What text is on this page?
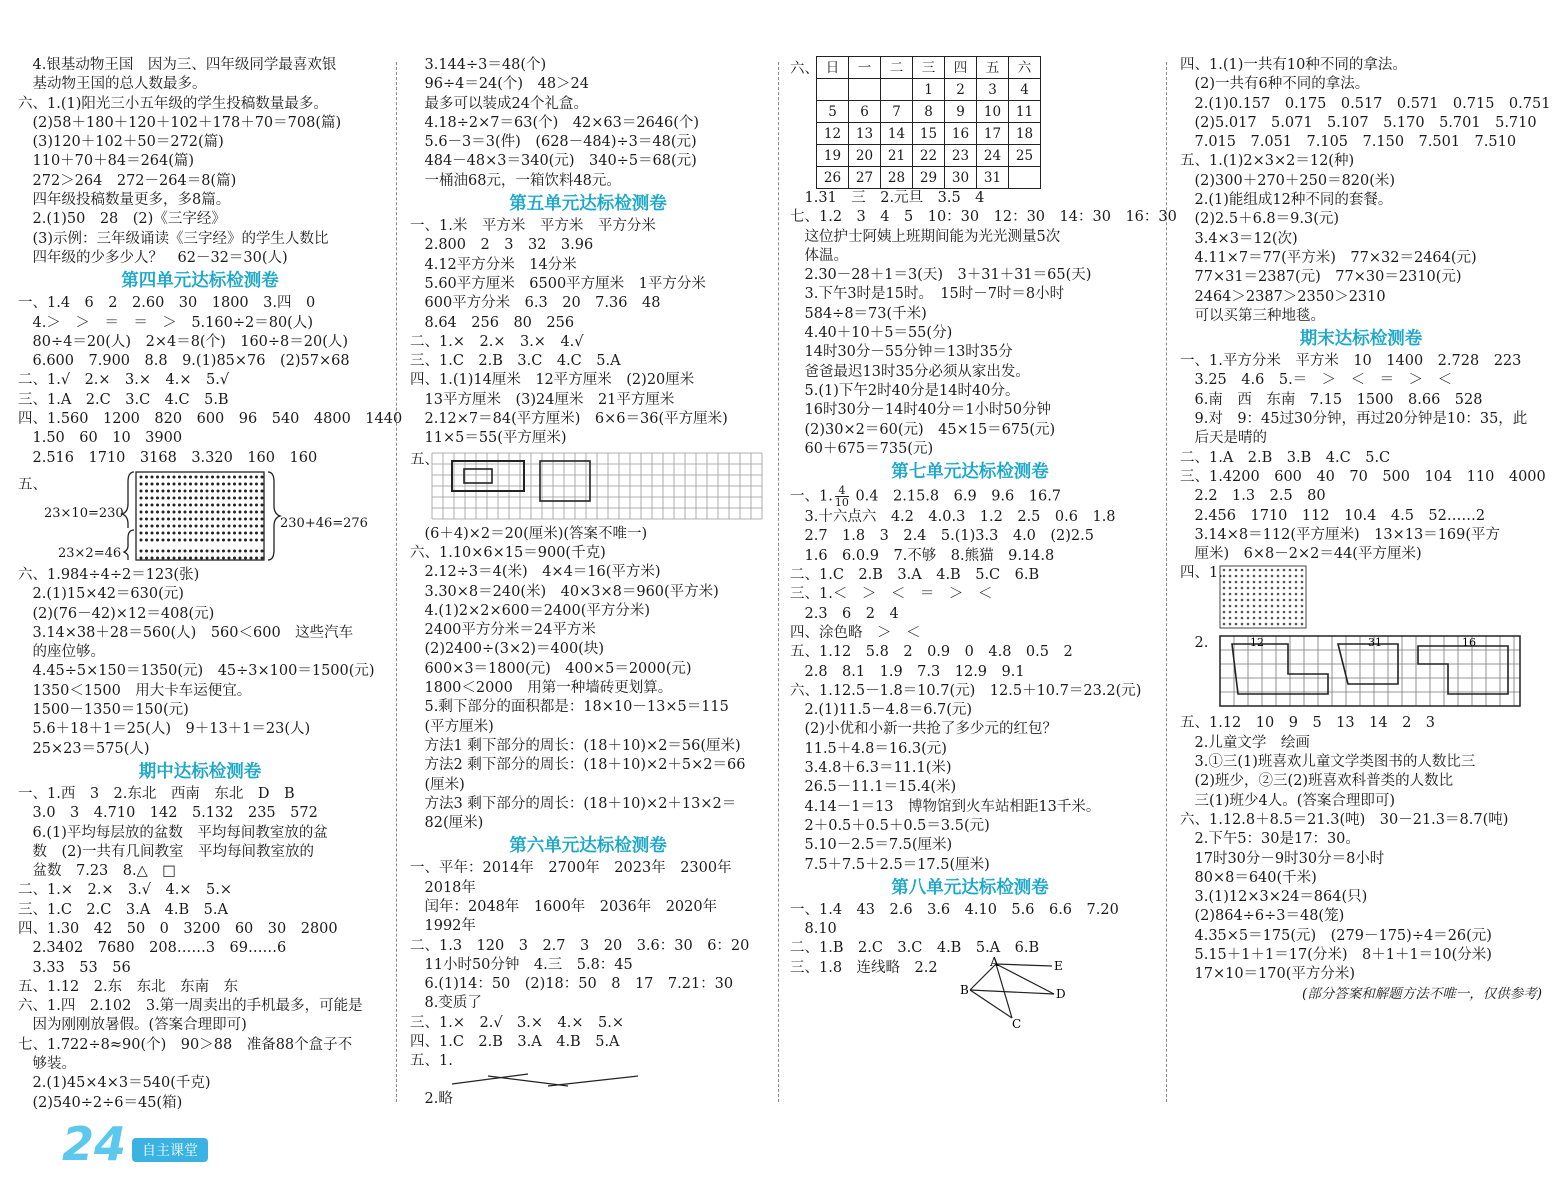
　4.银基动物王国　因为三、四年级同学最喜欢银
　基动物王国的总人数最多。
六、1.(1)阳光三小五年级的学生投稿数量最多。
　(2)58＋180＋120＋102＋178＋70＝708(篇)
　(3)120＋102＋50＝272(篇)
　110＋70＋84＝264(篇)
　272＞264　272－264＝8(篇)
　四年级投稿数量更多，多8篇。
　2.(1)50　28　(2)《三字经》
　(3)示例：三年级诵读《三字经》的学生人数比
　四年级的少多少人？　62－32＝30(人)
第四单元达标检测卷
一、1.4　6　2　2.60　30　1800　3.四　0
　4.＞　＞　＝　＝　＞　5.160÷2＝80(人)
　80÷4＝20(人)　2×4＝8(个)　160÷8＝20(人)
　6.600　7.900　8.8　9.(1)85×76　(2)57×68
二、1.√　2.×　3.×　4.×　5.√
三、1.A　2.C　3.C　4.C　5.B
四、1.560　1200　820　600　96　540　4800　1440
　1.50　60　10　3900
　2.516　1710　3168　3.320　160　160
五、
23×10=230
23×2=46
230+46=276
六、1.984÷4÷2＝123(张)
　2.(1)15×42＝630(元)
　(2)(76－42)×12＝408(元)
　3.14×38＋28＝560(人)　560＜600　这些汽车
　的座位够。
　4.45÷5×150＝1350(元)　45÷3×100＝1500(元)
　1350＜1500　用大卡车运便宜。
　1500－1350＝150(元)
　5.6＋18＋1＝25(人)　9＋13＋1＝23(人)
　25×23＝575(人)
期中达标检测卷
一、1.西　3　2.东北　西南　东北　D　B
　3.0　3　4.710　142　5.132　235　572
　6.(1)平均每层放的盆数　平均每间教室放的盆
　数　(2)一共有几间教室　平均每间教室放的
　盆数　7.23　8.△　□
二、1.×　2.×　3.√　4.×　5.×
三、1.C　2.C　3.A　4.B　5.A
四、1.30　42　50　0　3200　60　30　2800
　2.3402　7680　208……3　69……6
　3.33　53　56
五、1.12　2.东　东北　东南　东
六、1.四　2.102　3.第一周卖出的手机最多，可能是
　因为刚刚放暑假。(答案合理即可)
七、1.722÷8≈90(个)　90＞88　准备88个盒子不
　够装。
　2.(1)45×4×3＝540(千克)
　(2)540÷2÷6＝45(箱)
　3.144÷3＝48(个)
　96÷4＝24(个)　48＞24
　最多可以装成24个礼盒。
　4.18÷2×7＝63(个)　42×63＝2646(个)
　5.6－3＝3(件)　(628－484)÷3＝48(元)
　484－48×3＝340(元)　340÷5＝68(元)
　一桶油68元，一箱饮料48元。
第五单元达标检测卷
一、1.米　平方米　平方米　平方分米
　2.800　2　3　32　3.96
　4.12平方分米　14分米
　5.60平方厘米　6500平方厘米　1平方分米
　600平方分米　6.3　20　7.36　48
　8.64　256　80　256
二、1.×　2.×　3.×　4.√
三、1.C　2.B　3.C　4.C　5.A
四、1.(1)14厘米　12平方厘米　(2)20厘米
　13平方厘米　(3)24厘米　21平方厘米
　2.12×7＝84(平方厘米)　6×6＝36(平方厘米)
　11×5＝55(平方厘米)
五、
　(6＋4)×2＝20(厘米)(答案不唯一)
六、1.10×6×15＝900(千克)
　2.12÷3＝4(米)　4×4＝16(平方米)
　3.30×8＝240(米)　40×3×8＝960(平方米)
　4.(1)2×2×600＝2400(平方分米)
　2400平方分米＝24平方米
　(2)2400÷(3×2)＝400(块)
　600×3＝1800(元)　400×5＝2000(元)
　1800＜2000　用第一种墙砖更划算。
　5.剩下部分的面积都是：18×10－13×5＝115
　(平方厘米)
　方法1 剩下部分的周长：(18＋10)×2＝56(厘米)
　方法2 剩下部分的周长：(18＋10)×2＋5×2＝66
　(厘米)
　方法3 剩下部分的周长：(18＋10)×2＋13×2＝
　82(厘米)
第六单元达标检测卷
一、平年：2014年　2700年　2023年　2300年
　2018年
　闰年：2048年　1600年　2036年　2020年
　1992年
二、1.3　120　3　2.7　3　20　3.6：30　6：20
　11小时50分钟　4.三　5.8：45
　6.(1)14：50　(2)18：50　8　17　7.21：30
　8.变质了
三、1.×　2.√　3.×　4.×　5.×
四、1.C　2.B　3.A　4.B　5.A
五、1.
　2.略
六、 日	一	二	三	四	五	六
			1	2	3	4
5	6	7	8	9	10	11
12	13	14	15	16	17	18
19	20	21	22	23	24	25
26	27	28	29	30	31	
　1.31　三　2.元旦　3.5　4
七、1.2　3　4　5　10：30　12：30　14：30　16：30
　这位护士阿姨上班期间能为光光测量5次
　体温。
　2.30－28＋1＝3(天)　3＋31＋31＝65(天)
　3.下午3时是15时。　15时－7时＝8小时
　584÷8＝73(千米)
　4.40＋10＋5＝55(分)
　14时30分－55分钟＝13时35分
　爸爸最迟13时35分必须从家出发。
　5.(1)下午2时40分是14时40分。
　16时30分－14时40分＝1小时50分钟
　(2)30×2＝60(元)　45×15＝675(元)
　60＋675＝735(元)
第七单元达标检测卷
一、1. $\frac{4}{10} 0.4$　2.15.8　6.9　9.6　16.7
　3.十六点六　4.2　4.0.3　1.2　2.5　0.6　1.8
　2.7　1.8　3　2.4　5.(1)3.3　4.0　(2)2.5
　1.6　6.0.9　7.不够　8.熊猫　9.14.8
二、1.C　2.B　3.A　4.B　5.C　6.B
三、1.＜　＞　＜　＝　＞　＜
　2.3　6　2　4
四、涂色略　＞　＜
五、1.12　5.8　2　0.9　0　4.8　0.5　2
　2.8　8.1　1.9　7.3　12.9　9.1
六、1.12.5－1.8＝10.7(元)　12.5＋10.7＝23.2(元)
　2.(1)11.5－4.8＝6.7(元)
　(2)小优和小新一共抢了多少元的红包？
　11.5＋4.8＝16.3(元)
　3.4.8＋6.3＝11.1(米)
　26.5－11.1＝15.4(米)
　4.14－1＝13　博物馆到火车站相距13千米。
　2＋0.5＋0.5＋0.5＝3.5(元)
　5.10－2.5＝7.5(厘米)
　7.5＋7.5＋2.5＝17.5(厘米)
第八单元达标检测卷
一、1.4　43　2.6　3.6　4.10　5.6　6.6　7.20
　8.10
二、1.B　2.C　3.C　4.B　5.A　6.B
三、1.8　连线略　2.2	A	E
B	D
C
四、1.(1)一共有10种不同的拿法。
　(2)一共有6种不同的拿法。
　2.(1)0.157　0.175　0.517　0.571　0.715　0.751
　(2)5.017　5.071　5.107　5.170　5.701　5.710
　7.015　7.051　7.105　7.150　7.501　7.510
五、1.(1)2×3×2＝12(种)
　(2)300＋270＋250＝820(米)
　2.(1)能组成12种不同的套餐。
　(2)2.5＋6.8＝9.3(元)
　3.4×3＝12(次)
　4.11×7＝77(平方米)　77×32＝2464(元)
　77×31＝2387(元)　77×30＝2310(元)
　2464＞2387＞2350＞2310
　可以买第三种地毯。
期末达标检测卷
一、1.平方分米　平方米　10　1400　2.728　223
　3.25　4.6　5.＝　＞　＜　＝　＞　＜
　6.南　西　东南　7.15　1500　8.66　528
　9.对　9：45过30分钟，再过20分钟是10：35，此
　后天是晴的
二、1.A　2.B　3.B　4.C　5.C
三、1.4200　600　40　70　500　104　110　4000
　2.2　1.3　2.5　80
　2.456　1710　112　10.4　4.5　52……2
　3.14×8＝112(平方厘米)　13×13＝169(平方
　厘米)　6×8－2×2＝44(平方厘米)
四、1.
　2.	12	31	16
五、1.12　10　9　5　13　14　2　3
　2.儿童文学　绘画
　3.①三(1)班喜欢儿童文学类图书的人数比三
　(2)班少，②三(2)班喜欢科普类的人数比
　三(1)班少4人。(答案合理即可)
六、1.12.8＋8.5＝21.3(吨)　30－21.3＝8.7(吨)
　2.下午5：30是17：30。
　17时30分－9时30分＝8小时
　80×8＝640(千米)
　3.(1)12×3×24＝864(只)
　(2)864÷6÷3＝48(笼)
　4.35×5＝175(元)　(279－175)÷4＝26(元)
　5.15＋1＋1＝17(分米)　8＋1＋1＝10(分米)
　17×10＝170(平方分米)
(部分答案和解题方法不唯一，仅供参考)
24	自主课堂
